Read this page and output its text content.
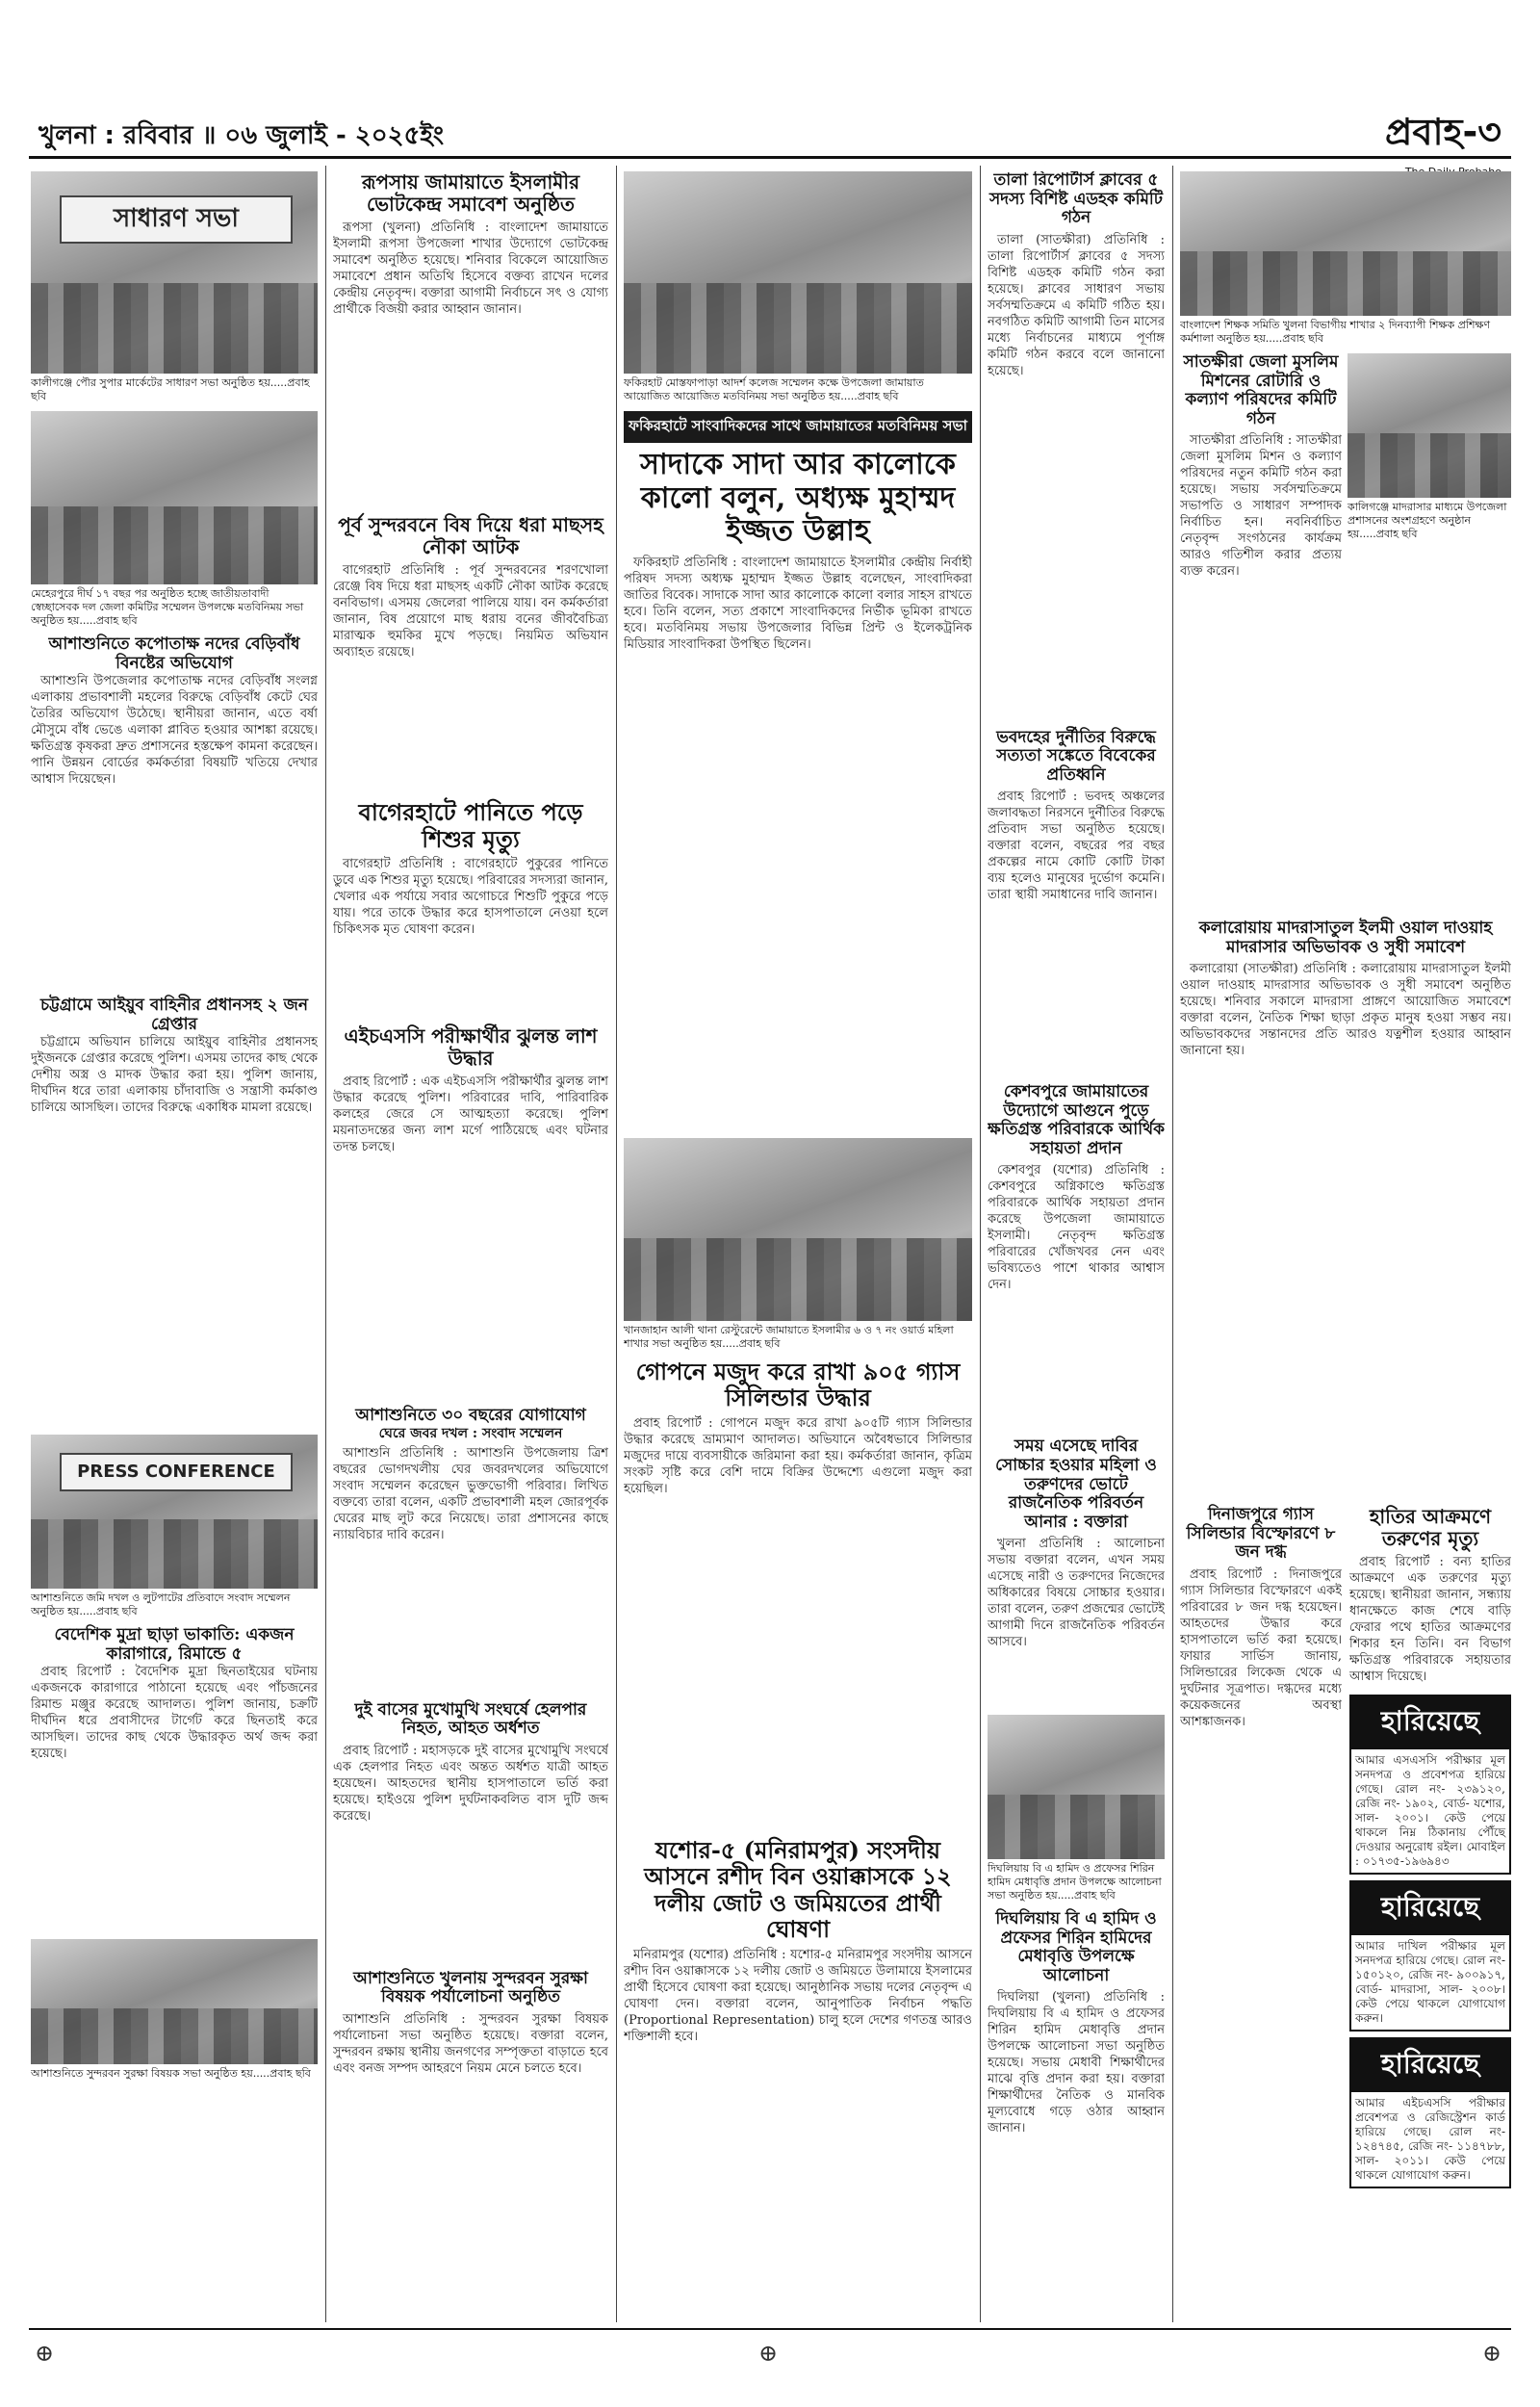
খুলনা : রবিবার ॥ ০৬ জুলাই - ২০২৫ইং	প্রবাহ-৩
সাধারণ সভা
কালীগঞ্জে পৌর সুপার মার্কেটের সাধারণ সভা অনুষ্ঠিত হয়.....প্রবাহ ছবি
মেহেরপুরে দীর্ঘ ১৭ বছর পর অনুষ্ঠিত হচ্ছে জাতীয়তাবাদী স্বেচ্ছাসেবক দল জেলা কমিটির সম্মেলন উপলক্ষে মতবিনিময় সভা অনুষ্ঠিত হয়.....প্রবাহ ছবি
আশাশুনিতে কপোতাক্ষ নদের বেড়িবাঁধ বিনষ্টের অভিযোগ

আশাশুনি উপজেলার কপোতাক্ষ নদের বেড়িবাঁধ সংলগ্ন এলাকায় প্রভাবশালী মহলের বিরুদ্ধে বেড়িবাঁধ কেটে ঘের তৈরির অভিযোগ উঠেছে। স্থানীয়রা জানান, এতে বর্ষা মৌসুমে বাঁধ ভেঙে এলাকা প্লাবিত হওয়ার আশঙ্কা রয়েছে। ক্ষতিগ্রস্ত কৃষকরা দ্রুত প্রশাসনের হস্তক্ষেপ কামনা করেছেন। পানি উন্নয়ন বোর্ডের কর্মকর্তারা বিষয়টি খতিয়ে দেখার আশ্বাস দিয়েছেন।

চট্টগ্রামে আইয়ুব বাহিনীর প্রধানসহ ২ জন গ্রেপ্তার

চট্টগ্রামে অভিযান চালিয়ে আইয়ুব বাহিনীর প্রধানসহ দুইজনকে গ্রেপ্তার করেছে পুলিশ। এসময় তাদের কাছ থেকে দেশীয় অস্ত্র ও মাদক উদ্ধার করা হয়। পুলিশ জানায়, দীর্ঘদিন ধরে তারা এলাকায় চাঁদাবাজি ও সন্ত্রাসী কর্মকাণ্ড চালিয়ে আসছিল। তাদের বিরুদ্ধে একাধিক মামলা রয়েছে।

PRESS CONFERENCE
আশাশুনিতে জমি দখল ও লুটপাটের প্রতিবাদে সংবাদ সম্মেলন অনুষ্ঠিত হয়.....প্রবাহ ছবি
বেদেশিক মুদ্রা ছাড়া ভাকাতি: একজন কারাগারে, রিমান্ডে ৫

প্রবাহ রিপোর্ট : বৈদেশিক মুদ্রা ছিনতাইয়ের ঘটনায় একজনকে কারাগারে পাঠানো হয়েছে এবং পাঁচজনের রিমান্ড মঞ্জুর করেছে আদালত। পুলিশ জানায়, চক্রটি দীর্ঘদিন ধরে প্রবাসীদের টার্গেট করে ছিনতাই করে আসছিল। তাদের কাছ থেকে উদ্ধারকৃত অর্থ জব্দ করা হয়েছে।

আশাশুনিতে সুন্দরবন সুরক্ষা বিষয়ক সভা অনুষ্ঠিত হয়.....প্রবাহ ছবি
রূপসায় জামায়াতে ইসলামীর ভোটকেন্দ্র সমাবেশ অনুষ্ঠিত

রূপসা (খুলনা) প্রতিনিধি : বাংলাদেশ জামায়াতে ইসলামী রূপসা উপজেলা শাখার উদ্যোগে ভোটকেন্দ্র সমাবেশ অনুষ্ঠিত হয়েছে। শনিবার বিকেলে আয়োজিত সমাবেশে প্রধান অতিথি হিসেবে বক্তব্য রাখেন দলের কেন্দ্রীয় নেতৃবৃন্দ। বক্তারা আগামী নির্বাচনে সৎ ও যোগ্য প্রার্থীকে বিজয়ী করার আহ্বান জানান।

পূর্ব সুন্দরবনে বিষ দিয়ে ধরা মাছসহ নৌকা আটক

বাগেরহাট প্রতিনিধি : পূর্ব সুন্দরবনের শরণখোলা রেঞ্জে বিষ দিয়ে ধরা মাছসহ একটি নৌকা আটক করেছে বনবিভাগ। এসময় জেলেরা পালিয়ে যায়। বন কর্মকর্তারা জানান, বিষ প্রয়োগে মাছ ধরায় বনের জীববৈচিত্র্য মারাত্মক হুমকির মুখে পড়ছে। নিয়মিত অভিযান অব্যাহত রয়েছে।

বাগেরহাটে পানিতে পড়ে শিশুর মৃত্যু

বাগেরহাট প্রতিনিধি : বাগেরহাটে পুকুরের পানিতে ডুবে এক শিশুর মৃত্যু হয়েছে। পরিবারের সদস্যরা জানান, খেলার এক পর্যায়ে সবার অগোচরে শিশুটি পুকুরে পড়ে যায়। পরে তাকে উদ্ধার করে হাসপাতালে নেওয়া হলে চিকিৎসক মৃত ঘোষণা করেন।

এইচএসসি পরীক্ষার্থীর ঝুলন্ত লাশ উদ্ধার

প্রবাহ রিপোর্ট : এক এইচএসসি পরীক্ষার্থীর ঝুলন্ত লাশ উদ্ধার করেছে পুলিশ। পরিবারের দাবি, পারিবারিক কলহের জেরে সে আত্মহত্যা করেছে। পুলিশ ময়নাতদন্তের জন্য লাশ মর্গে পাঠিয়েছে এবং ঘটনার তদন্ত চলছে।

আশাশুনিতে ৩০ বছরের যোগাযোগ
ঘেরে জবর দখল : সংবাদ সম্মেলন

আশাশুনি প্রতিনিধি : আশাশুনি উপজেলায় ত্রিশ বছরের ভোগদখলীয় ঘের জবরদখলের অভিযোগে সংবাদ সম্মেলন করেছেন ভুক্তভোগী পরিবার। লিখিত বক্তব্যে তারা বলেন, একটি প্রভাবশালী মহল জোরপূর্বক ঘেরের মাছ লুট করে নিয়েছে। তারা প্রশাসনের কাছে ন্যায়বিচার দাবি করেন।

দুই বাসের মুখোমুখি সংঘর্ষে হেলপার নিহত, আহত অর্ধশত

প্রবাহ রিপোর্ট : মহাসড়কে দুই বাসের মুখোমুখি সংঘর্ষে এক হেলপার নিহত এবং অন্তত অর্ধশত যাত্রী আহত হয়েছেন। আহতদের স্থানীয় হাসপাতালে ভর্তি করা হয়েছে। হাইওয়ে পুলিশ দুর্ঘটনাকবলিত বাস দুটি জব্দ করেছে।

আশাশুনিতে খুলনায় সুন্দরবন সুরক্ষা বিষয়ক পর্যালোচনা অনুষ্ঠিত

আশাশুনি প্রতিনিধি : সুন্দরবন সুরক্ষা বিষয়ক পর্যালোচনা সভা অনুষ্ঠিত হয়েছে। বক্তারা বলেন, সুন্দরবন রক্ষায় স্থানীয় জনগণের সম্পৃক্ততা বাড়াতে হবে এবং বনজ সম্পদ আহরণে নিয়ম মেনে চলতে হবে।

ফকিরহাট মোস্তফাপাড়া আদর্শ কলেজ সম্মেলন কক্ষে উপজেলা জামায়াত আয়োজিত আয়োজিত মতবিনিময় সভা অনুষ্ঠিত হয়.....প্রবাহ ছবি
ফকিরহাটে সাংবাদিকদের সাথে জামায়াতের মতবিনিময় সভা
সাদাকে সাদা আর কালোকে কালো বলুন, অধ্যক্ষ মুহাম্মদ ইজ্জত উল্লাহ

ফকিরহাট প্রতিনিধি : বাংলাদেশ জামায়াতে ইসলামীর কেন্দ্রীয় নির্বাহী পরিষদ সদস্য অধ্যক্ষ মুহাম্মদ ইজ্জত উল্লাহ বলেছেন, সাংবাদিকরা জাতির বিবেক। সাদাকে সাদা আর কালোকে কালো বলার সাহস রাখতে হবে। তিনি বলেন, সত্য প্রকাশে সাংবাদিকদের নির্ভীক ভূমিকা রাখতে হবে। মতবিনিময় সভায় উপজেলার বিভিন্ন প্রিন্ট ও ইলেকট্রনিক মিডিয়ার সাংবাদিকরা উপস্থিত ছিলেন।

খানজাহান আলী থানা রেস্টুরেন্টে জামায়াতে ইসলামীর ৬ ও ৭ নং ওয়ার্ড মহিলা শাখার সভা অনুষ্ঠিত হয়.....প্রবাহ ছবি
গোপনে মজুদ করে রাখা ৯০৫ গ্যাস সিলিন্ডার উদ্ধার

প্রবাহ রিপোর্ট : গোপনে মজুদ করে রাখা ৯০৫টি গ্যাস সিলিন্ডার উদ্ধার করেছে ভ্রাম্যমাণ আদালত। অভিযানে অবৈধভাবে সিলিন্ডার মজুদের দায়ে ব্যবসায়ীকে জরিমানা করা হয়। কর্মকর্তারা জানান, কৃত্রিম সংকট সৃষ্টি করে বেশি দামে বিক্রির উদ্দেশ্যে এগুলো মজুদ করা হয়েছিল।

যশোর-৫ (মনিরামপুর) সংসদীয় আসনে রশীদ বিন ওয়াক্কাসকে ১২ দলীয় জোট ও জমিয়তের প্রার্থী ঘোষণা

মনিরামপুর (যশোর) প্রতিনিধি : যশোর-৫ মনিরামপুর সংসদীয় আসনে রশীদ বিন ওয়াক্কাসকে ১২ দলীয় জোট ও জমিয়তে উলামায়ে ইসলামের প্রার্থী হিসেবে ঘোষণা করা হয়েছে। আনুষ্ঠানিক সভায় দলের নেতৃবৃন্দ এ ঘোষণা দেন। বক্তারা বলেন, আনুপাতিক নির্বাচন পদ্ধতি (Proportional Representation) চালু হলে দেশের গণতন্ত্র আরও শক্তিশালী হবে।

তালা রিপোর্টার্স ক্লাবের ৫ সদস্য বিশিষ্ট এডহক কমিটি গঠন

তালা (সাতক্ষীরা) প্রতিনিধি : তালা রিপোর্টার্স ক্লাবের ৫ সদস্য বিশিষ্ট এডহক কমিটি গঠন করা হয়েছে। ক্লাবের সাধারণ সভায় সর্বসম্মতিক্রমে এ কমিটি গঠিত হয়। নবগঠিত কমিটি আগামী তিন মাসের মধ্যে নির্বাচনের মাধ্যমে পূর্ণাঙ্গ কমিটি গঠন করবে বলে জানানো হয়েছে।

ভবদহের দুর্নীতির বিরুদ্ধে সত্যতা সঙ্কেতে বিবেকের প্রতিধ্বনি

প্রবাহ রিপোর্ট : ভবদহ অঞ্চলের জলাবদ্ধতা নিরসনে দুর্নীতির বিরুদ্ধে প্রতিবাদ সভা অনুষ্ঠিত হয়েছে। বক্তারা বলেন, বছরের পর বছর প্রকল্পের নামে কোটি কোটি টাকা ব্যয় হলেও মানুষের দুর্ভোগ কমেনি। তারা স্থায়ী সমাধানের দাবি জানান।

কেশবপুরে জামায়াতের উদ্যোগে আগুনে পুড়ে ক্ষতিগ্রস্ত পরিবারকে আর্থিক সহায়তা প্রদান

কেশবপুর (যশোর) প্রতিনিধি : কেশবপুরে অগ্নিকাণ্ডে ক্ষতিগ্রস্ত পরিবারকে আর্থিক সহায়তা প্রদান করেছে উপজেলা জামায়াতে ইসলামী। নেতৃবৃন্দ ক্ষতিগ্রস্ত পরিবারের খোঁজখবর নেন এবং ভবিষ্যতেও পাশে থাকার আশ্বাস দেন।

সময় এসেছে দাবির সোচ্চার হওয়ার মহিলা ও তরুণদের ভোটে রাজনৈতিক পরিবর্তন আনার : বক্তারা

খুলনা প্রতিনিধি : আলোচনা সভায় বক্তারা বলেন, এখন সময় এসেছে নারী ও তরুণদের নিজেদের অধিকারের বিষয়ে সোচ্চার হওয়ার। তারা বলেন, তরুণ প্রজন্মের ভোটেই আগামী দিনে রাজনৈতিক পরিবর্তন আসবে।

দিঘলিয়ায় বি এ হামিদ ও প্রফেসর শিরিন হামিদ মেধাবৃত্তি প্রদান উপলক্ষে আলোচনা সভা অনুষ্ঠিত হয়.....প্রবাহ ছবি
দিঘলিয়ায় বি এ হামিদ ও প্রফেসর শিরিন হামিদের মেধাবৃত্তি উপলক্ষে আলোচনা

দিঘলিয়া (খুলনা) প্রতিনিধি : দিঘলিয়ায় বি এ হামিদ ও প্রফেসর শিরিন হামিদ মেধাবৃত্তি প্রদান উপলক্ষে আলোচনা সভা অনুষ্ঠিত হয়েছে। সভায় মেধাবী শিক্ষার্থীদের মাঝে বৃত্তি প্রদান করা হয়। বক্তারা শিক্ষার্থীদের নৈতিক ও মানবিক মূল্যবোধে গড়ে ওঠার আহ্বান জানান।

বাংলাদেশ শিক্ষক সমিতি খুলনা বিভাগীয় শাখার ২ দিনব্যাপী শিক্ষক প্রশিক্ষণ কর্মশালা অনুষ্ঠিত হয়.....প্রবাহ ছবি
সাতক্ষীরা জেলা মুসলিম মিশনের রোটারি ও কল্যাণ পরিষদের কমিটি গঠন

সাতক্ষীরা প্রতিনিধি : সাতক্ষীরা জেলা মুসলিম মিশন ও কল্যাণ পরিষদের নতুন কমিটি গঠন করা হয়েছে। সভায় সর্বসম্মতিক্রমে সভাপতি ও সাধারণ সম্পাদক নির্বাচিত হন। নবনির্বাচিত নেতৃবৃন্দ সংগঠনের কার্যক্রম আরও গতিশীল করার প্রত্যয় ব্যক্ত করেন।

কালিগঞ্জে মাদরাসার মাধ্যমে উপজেলা প্রশাসনের অংশগ্রহণে অনুষ্ঠান হয়.....প্রবাহ ছবি
কলারোয়ায় মাদরাসাতুল ইলমী ওয়াল দাওয়াহ মাদরাসার অভিভাবক ও সুধী সমাবেশ

কলারোয়া (সাতক্ষীরা) প্রতিনিধি : কলারোয়ায় মাদরাসাতুল ইলমী ওয়াল দাওয়াহ মাদরাসার অভিভাবক ও সুধী সমাবেশ অনুষ্ঠিত হয়েছে। শনিবার সকালে মাদরাসা প্রাঙ্গণে আয়োজিত সমাবেশে বক্তারা বলেন, নৈতিক শিক্ষা ছাড়া প্রকৃত মানুষ হওয়া সম্ভব নয়। অভিভাবকদের সন্তানদের প্রতি আরও যত্নশীল হওয়ার আহ্বান জানানো হয়।

দিনাজপুরে গ্যাস সিলিন্ডার বিস্ফোরণে ৮ জন দগ্ধ

প্রবাহ রিপোর্ট : দিনাজপুরে গ্যাস সিলিন্ডার বিস্ফোরণে একই পরিবারের ৮ জন দগ্ধ হয়েছেন। আহতদের উদ্ধার করে হাসপাতালে ভর্তি করা হয়েছে। ফায়ার সার্ভিস জানায়, সিলিন্ডারের লিকেজ থেকে এ দুর্ঘটনার সূত্রপাত। দগ্ধদের মধ্যে কয়েকজনের অবস্থা আশঙ্কাজনক।

হাতির আক্রমণে তরুণের মৃত্যু

প্রবাহ রিপোর্ট : বন্য হাতির আক্রমণে এক তরুণের মৃত্যু হয়েছে। স্থানীয়রা জানান, সন্ধ্যায় ধানক্ষেতে কাজ শেষে বাড়ি ফেরার পথে হাতির আক্রমণের শিকার হন তিনি। বন বিভাগ ক্ষতিগ্রস্ত পরিবারকে সহায়তার আশ্বাস দিয়েছে।

হারিয়েছে
আমার এসএসসি পরীক্ষার মূল সনদপত্র ও প্রবেশপত্র হারিয়ে গেছে। রোল নং- ২৩৯১২০, রেজি নং- ১৯০২, বোর্ড- যশোর, সাল- ২০০১। কেউ পেয়ে থাকলে নিম্ন ঠিকানায় পৌঁছে দেওয়ার অনুরোধ রইল। মোবাইল : ০১৭৩৫-১৯৬৯৪৩
হারিয়েছে
আমার দাখিল পরীক্ষার মূল সনদপত্র হারিয়ে গেছে। রোল নং- ১৫০১২০, রেজি নং- ৯০০৯১৭, বোর্ড- মাদরাসা, সাল- ২০০৮। কেউ পেয়ে থাকলে যোগাযোগ করুন।
হারিয়েছে
আমার এইচএসসি পরীক্ষার প্রবেশপত্র ও রেজিস্ট্রেশন কার্ড হারিয়ে গেছে। রোল নং- ১২৪৭৪৫, রেজি নং- ১১৪৭৮৮, সাল- ২০১১। কেউ পেয়ে থাকলে যোগাযোগ করুন।
⊕	⊕	⊕
